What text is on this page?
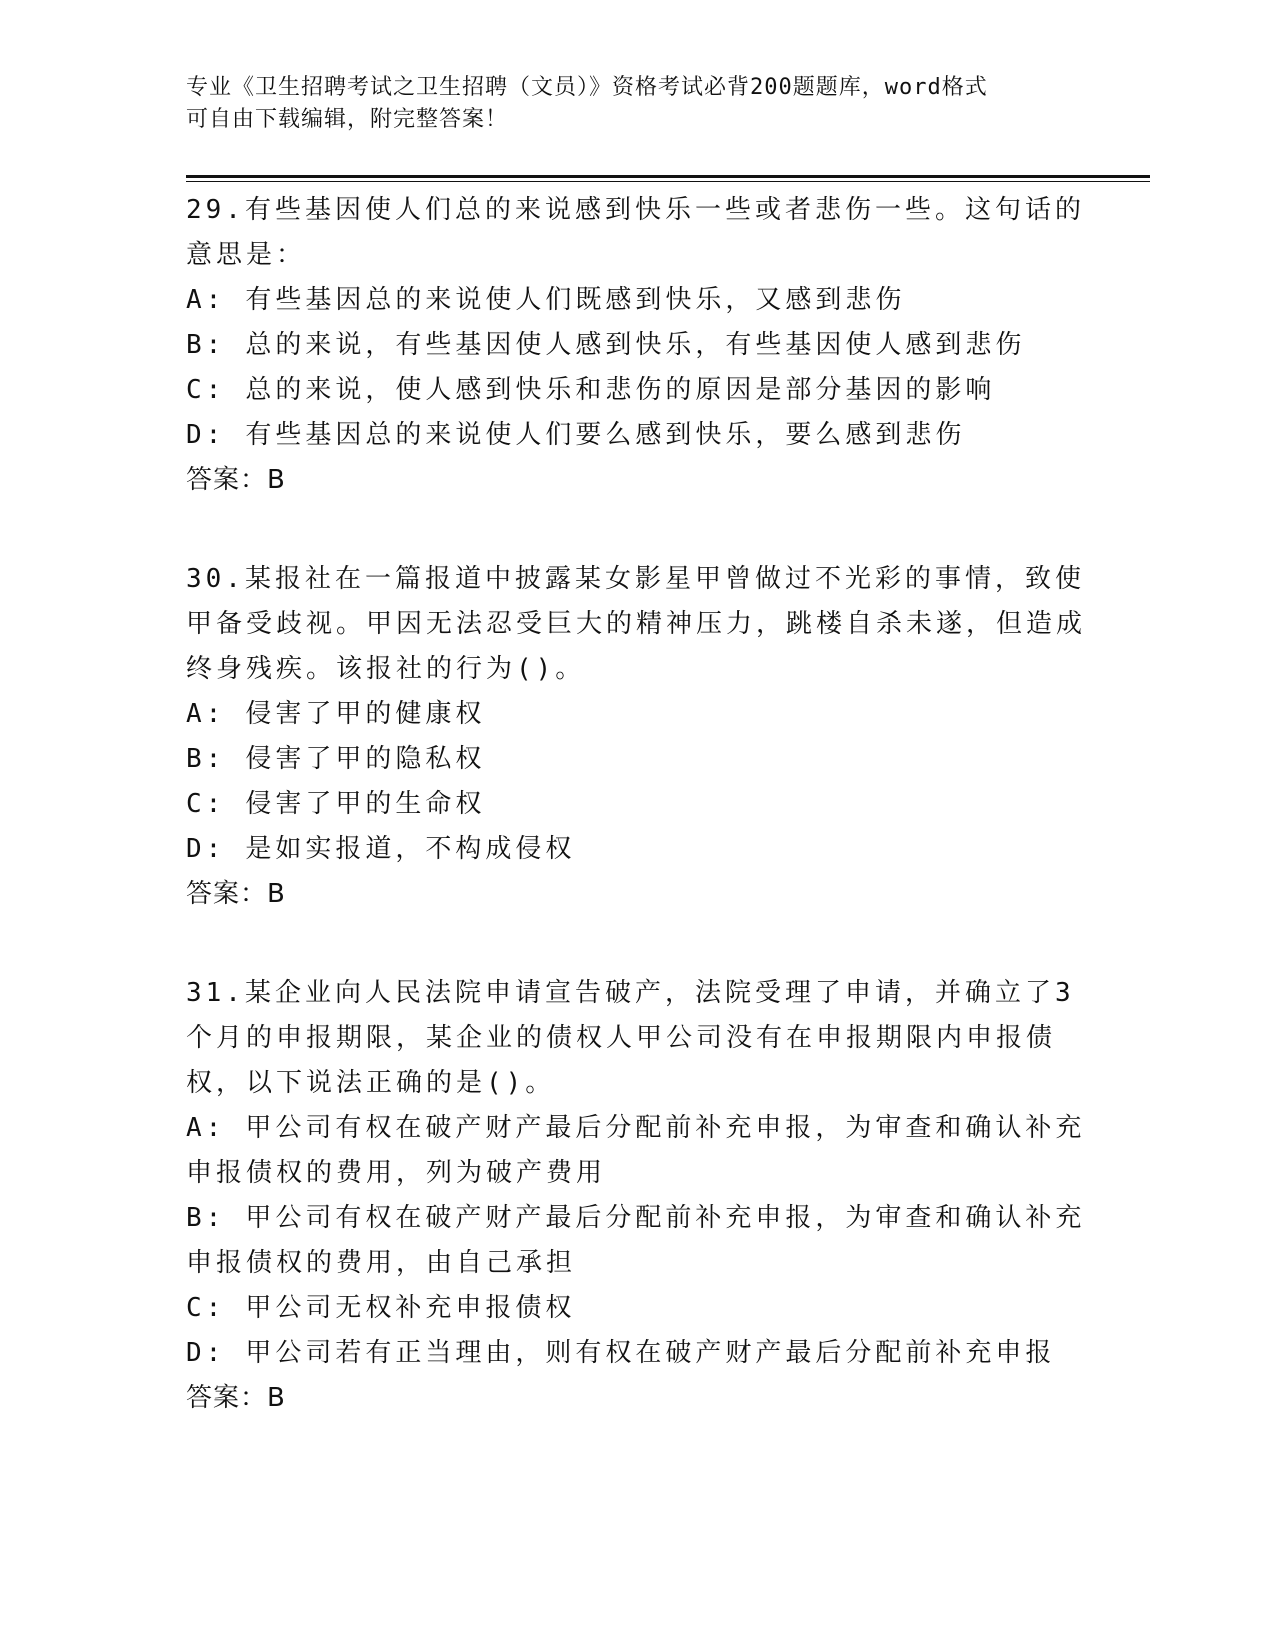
专业《卫生招聘考试之卫生招聘（文员）》资格考试必背200题题库，word格式
可自由下载编辑，附完整答案！

29.有些基因使人们总的来说感到快乐一些或者悲伤一些。这句话的意思是：

A: 有些基因总的来说使人们既感到快乐，又感到悲伤

B: 总的来说，有些基因使人感到快乐，有些基因使人感到悲伤

C: 总的来说，使人感到快乐和悲伤的原因是部分基因的影响

D: 有些基因总的来说使人们要么感到快乐，要么感到悲伤

答案：B

30.某报社在一篇报道中披露某女影星甲曾做过不光彩的事情，致使甲备受歧视。甲因无法忍受巨大的精神压力，跳楼自杀未遂，但造成终身残疾。该报社的行为()。

A: 侵害了甲的健康权

B: 侵害了甲的隐私权

C: 侵害了甲的生命权

D: 是如实报道，不构成侵权

答案：B

31.某企业向人民法院申请宣告破产，法院受理了申请，并确立了3个月的申报期限，某企业的债权人甲公司没有在申报期限内申报债权，以下说法正确的是()。

A: 甲公司有权在破产财产最后分配前补充申报，为审查和确认补充申报债权的费用，列为破产费用

B: 甲公司有权在破产财产最后分配前补充申报，为审查和确认补充申报债权的费用，由自己承担

C: 甲公司无权补充申报债权

D: 甲公司若有正当理由，则有权在破产财产最后分配前补充申报

答案：B
